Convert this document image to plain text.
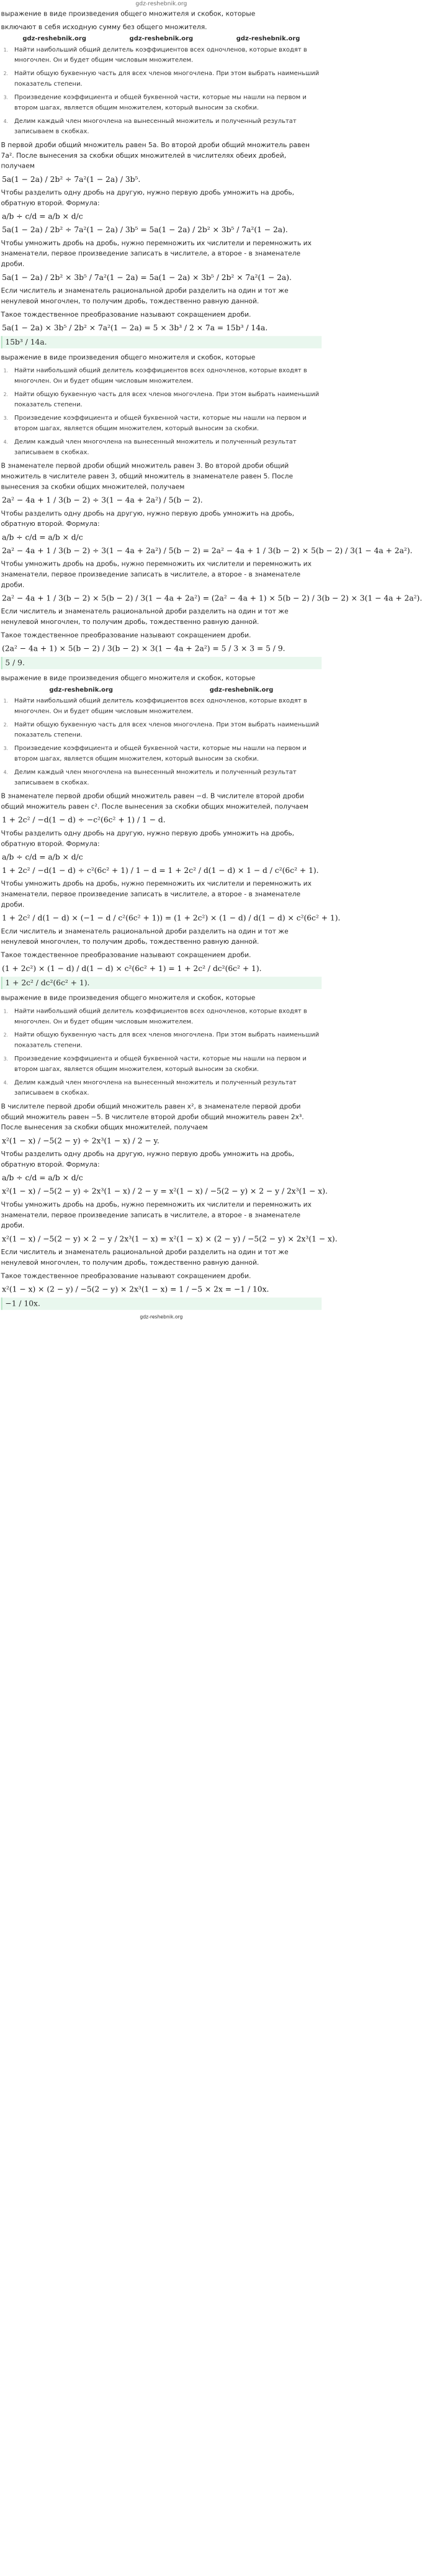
gdz-reshebnik.org

выражение в виде произведения общего множителя и скобок, которые

включают в себя исходную сумму без общего множителя.

gdz-reshebnik.org	gdz-reshebnik.org	gdz-reshebnik.org
1. Найти наибольший общий делитель коэффициентов всех одночленов, которые входят в многочлен. Он и будет общим числовым множителем.
2. Найти общую буквенную часть для всех членов многочлена. При этом выбрать наименьший показатель степени.
3. Произведение коэффициента и общей буквенной части, которые мы нашли на первом и втором шагах, является общим множителем, который выносим за скобки.
4. Делим каждый член многочлена на вынесенный множитель и полученный результат записываем в скобках.

В первой дроби общий множитель равен 5a. Во второй дроби общий множитель равен 7a². После вынесения за скобки общих множителей в числителях обеих дробей, получаем

5a(1 − 2a) / 2b² ÷ 7a²(1 − 2a) / 3b⁵.

Чтобы разделить одну дробь на другую, нужно первую дробь умножить на дробь, обратную второй. Формула:

a/b ÷ c/d = a/b × d/c
5a(1 − 2a) / 2b² ÷ 7a²(1 − 2a) / 3b⁵ = 5a(1 − 2a) / 2b² × 3b⁵ / 7a²(1 − 2a).

Чтобы умножить дробь на дробь, нужно перемножить их числители и перемножить их знаменатели, первое произведение записать в числителе, а второе - в знаменателе дроби.

5a(1 − 2a) / 2b² × 3b⁵ / 7a²(1 − 2a) = 5a(1 − 2a) × 3b⁵ / 2b² × 7a²(1 − 2a).

Если числитель и знаменатель рациональной дроби разделить на один и тот же ненулевой многочлен, то получим дробь, тождественно равную данной.

Такое тождественное преобразование называют сокращением дроби.

5a(1 − 2a) × 3b⁵ / 2b² × 7a²(1 − 2a) = 5 × 3b³ / 2 × 7a = 15b³ / 14a.
15b³ / 14a.

выражение в виде произведения общего множителя и скобок, которые

1. Найти наибольший общий делитель коэффициентов всех одночленов, которые входят в многочлен. Он и будет общим числовым множителем.
2. Найти общую буквенную часть для всех членов многочлена. При этом выбрать наименьший показатель степени.
3. Произведение коэффициента и общей буквенной части, которые мы нашли на первом и втором шагах, является общим множителем, который выносим за скобки.
4. Делим каждый член многочлена на вынесенный множитель и полученный результат записываем в скобках.

В знаменателе первой дроби общий множитель равен 3. Во второй дроби общий множитель в числителе равен 3, общий множитель в знаменателе равен 5. После вынесения за скобки общих множителей, получаем

2a² − 4a + 1 / 3(b − 2) ÷ 3(1 − 4a + 2a²) / 5(b − 2).

Чтобы разделить одну дробь на другую, нужно первую дробь умножить на дробь, обратную второй. Формула:

a/b ÷ c/d = a/b × d/c
2a² − 4a + 1 / 3(b − 2) ÷ 3(1 − 4a + 2a²) / 5(b − 2) = 2a² − 4a + 1 / 3(b − 2) × 5(b − 2) / 3(1 − 4a + 2a²).

Чтобы умножить дробь на дробь, нужно перемножить их числители и перемножить их знаменатели, первое произведение записать в числителе, а второе - в знаменателе дроби.

2a² − 4a + 1 / 3(b − 2) × 5(b − 2) / 3(1 − 4a + 2a²) = (2a² − 4a + 1) × 5(b − 2) / 3(b − 2) × 3(1 − 4a + 2a²).

Если числитель и знаменатель рациональной дроби разделить на один и тот же ненулевой многочлен, то получим дробь, тождественно равную данной.

Такое тождественное преобразование называют сокращением дроби.

(2a² − 4a + 1) × 5(b − 2) / 3(b − 2) × 3(1 − 4a + 2a²) = 5 / 3 × 3 = 5 / 9.
5 / 9.

выражение в виде произведения общего множителя и скобок, которые

gdz-reshebnik.org	gdz-reshebnik.org
1. Найти наибольший общий делитель коэффициентов всех одночленов, которые входят в многочлен. Он и будет общим числовым множителем.
2. Найти общую буквенную часть для всех членов многочлена. При этом выбрать наименьший показатель степени.
3. Произведение коэффициента и общей буквенной части, которые мы нашли на первом и втором шагах, является общим множителем, который выносим за скобки.
4. Делим каждый член многочлена на вынесенный множитель и полученный результат записываем в скобках.

В знаменателе первой дроби общий множитель равен −d. В числителе второй дроби общий множитель равен c². После вынесения за скобки общих множителей, получаем

1 + 2c² / −d(1 − d) ÷ −c²(6c² + 1) / 1 − d.

Чтобы разделить одну дробь на другую, нужно первую дробь умножить на дробь, обратную второй. Формула:

a/b ÷ c/d = a/b × d/c
1 + 2c² / −d(1 − d) ÷ c²(6c² + 1) / 1 − d = 1 + 2c² / d(1 − d) × 1 − d / c²(6c² + 1).

Чтобы умножить дробь на дробь, нужно перемножить их числители и перемножить их знаменатели, первое произведение записать в числителе, а второе - в знаменателе дроби.

1 + 2c² / d(1 − d) × (−1 − d / c²(6c² + 1)) = (1 + 2c²) × (1 − d) / d(1 − d) × c²(6c² + 1).

Если числитель и знаменатель рациональной дроби разделить на один и тот же ненулевой многочлен, то получим дробь, тождественно равную данной.

Такое тождественное преобразование называют сокращением дроби.

(1 + 2c²) × (1 − d) / d(1 − d) × c²(6c² + 1) = 1 + 2c² / dc²(6c² + 1).
1 + 2c² / dc²(6c² + 1).

выражение в виде произведения общего множителя и скобок, которые

1. Найти наибольший общий делитель коэффициентов всех одночленов, которые входят в многочлен. Он и будет общим числовым множителем.
2. Найти общую буквенную часть для всех членов многочлена. При этом выбрать наименьший показатель степени.
3. Произведение коэффициента и общей буквенной части, которые мы нашли на первом и втором шагах, является общим множителем, который выносим за скобки.
4. Делим каждый член многочлена на вынесенный множитель и полученный результат записываем в скобках.

В числителе первой дроби общий множитель равен x², в знаменателе первой дроби общий множитель равен −5. В числителе второй дроби общий множитель равен 2x³. После вынесения за скобки общих множителей, получаем

x²(1 − x) / −5(2 − y) ÷ 2x³(1 − x) / 2 − y.

Чтобы разделить одну дробь на другую, нужно первую дробь умножить на дробь, обратную второй. Формула:

a/b ÷ c/d = a/b × d/c
x²(1 − x) / −5(2 − y) ÷ 2x³(1 − x) / 2 − y = x²(1 − x) / −5(2 − y) × 2 − y / 2x³(1 − x).

Чтобы умножить дробь на дробь, нужно перемножить их числители и перемножить их знаменатели, первое произведение записать в числителе, а второе - в знаменателе дроби.

x²(1 − x) / −5(2 − y) × 2 − y / 2x³(1 − x) = x²(1 − x) × (2 − y) / −5(2 − y) × 2x³(1 − x).

Если числитель и знаменатель рациональной дроби разделить на один и тот же ненулевой многочлен, то получим дробь, тождественно равную данной.

Такое тождественное преобразование называют сокращением дроби.

x²(1 − x) × (2 − y) / −5(2 − y) × 2x³(1 − x) = 1 / −5 × 2x = −1 / 10x.
−1 / 10x.
gdz-reshebnik.org
